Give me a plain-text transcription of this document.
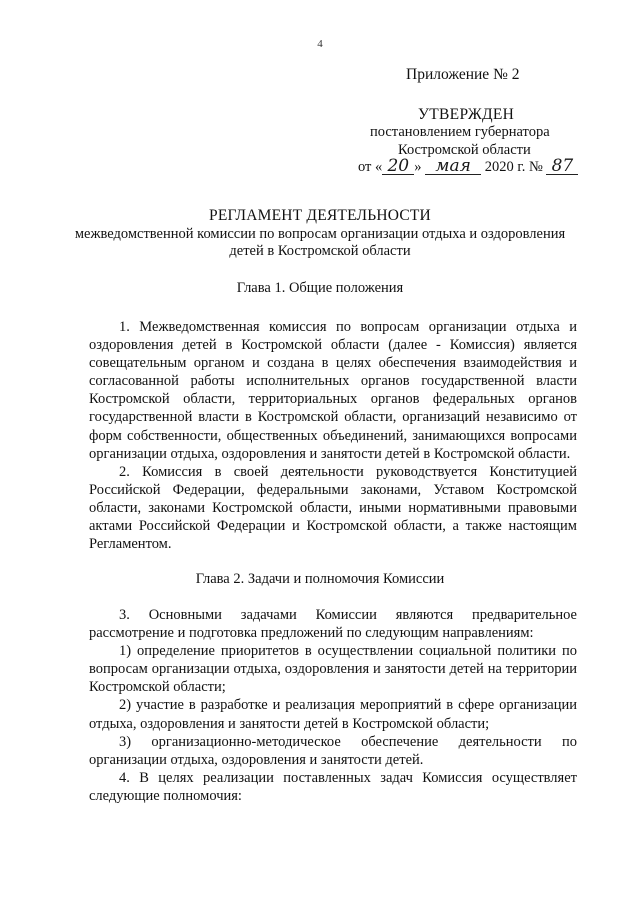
4
Приложение № 2
УТВЕРЖДЕН
постановлением губернатора
Костромской области
от « 20 » мая 2020 г. № 87
РЕГЛАМЕНТ ДЕЯТЕЛЬНОСТИ
межведомственной комиссии по вопросам организации отдыха и оздоровления детей в Костромской области
Глава 1. Общие положения

1. Межведомственная комиссия по вопросам организации отдыха и оздоровления детей в Костромской области (далее - Комиссия) является совещательным органом и создана в целях обеспечения взаимодействия и согласованной работы исполнительных органов государственной власти Костромской области, территориальных органов федеральных органов государственной власти в Костромской области, организаций независимо от форм собственности, общественных объединений, занимающихся вопросами организации отдыха, оздоровления и занятости детей в Костромской области.

2. Комиссия в своей деятельности руководствуется Конституцией Российской Федерации, федеральными законами, Уставом Костромской области, законами Костромской области, иными нормативными правовыми актами Российской Федерации и Костромской области, а также настоящим Регламентом.

Глава 2. Задачи и полномочия Комиссии

3. Основными задачами Комиссии являются предварительное рассмотрение и подготовка предложений по следующим направлениям:

1) определение приоритетов в осуществлении социальной политики по вопросам организации отдыха, оздоровления и занятости детей на территории Костромской области;

2) участие в разработке и реализация мероприятий в сфере организации отдыха, оздоровления и занятости детей в Костромской области;

3) организационно-методическое обеспечение деятельности по организации отдыха, оздоровления и занятости детей.

4. В целях реализации поставленных задач Комиссия осуществляет следующие полномочия:
